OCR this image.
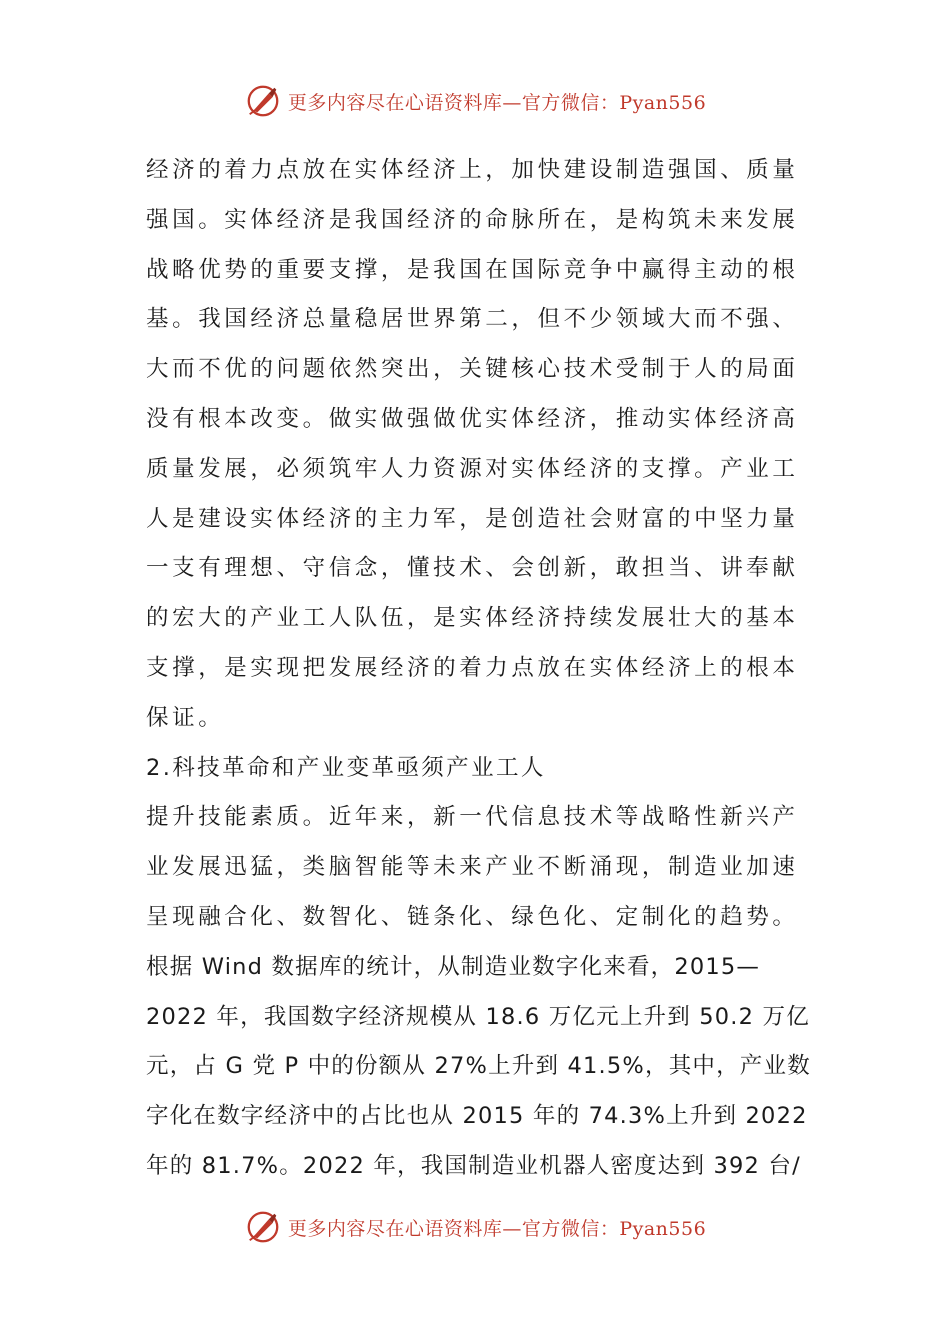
更多内容尽在心语资料库—官方微信：Pyan556
经济的着力点放在实体经济上，加快建设制造强国、质量
强国。实体经济是我国经济的命脉所在，是构筑未来发展
战略优势的重要支撑，是我国在国际竞争中赢得主动的根
基。我国经济总量稳居世界第二，但不少领域大而不强、
大而不优的问题依然突出，关键核心技术受制于人的局面
没有根本改变。做实做强做优实体经济，推动实体经济高
质量发展，必须筑牢人力资源对实体经济的支撑。产业工
人是建设实体经济的主力军，是创造社会财富的中坚力量
一支有理想、守信念，懂技术、会创新，敢担当、讲奉献
的宏大的产业工人队伍，是实体经济持续发展壮大的基本
支撑，是实现把发展经济的着力点放在实体经济上的根本
保证。
2.科技革命和产业变革亟须产业工人
提升技能素质。近年来，新一代信息技术等战略性新兴产
业发展迅猛，类脑智能等未来产业不断涌现，制造业加速
呈现融合化、数智化、链条化、绿色化、定制化的趋势。
根据 Wind 数据库的统计，从制造业数字化来看，2015—
2022 年，我国数字经济规模从 18.6 万亿元上升到 50.2 万亿
元，占 G 党 P 中的份额从 27%上升到 41.5%，其中，产业数
字化在数字经济中的占比也从 2015 年的 74.3%上升到 2022
年的 81.7%。2022 年，我国制造业机器人密度达到 392 台/
更多内容尽在心语资料库—官方微信：Pyan556
